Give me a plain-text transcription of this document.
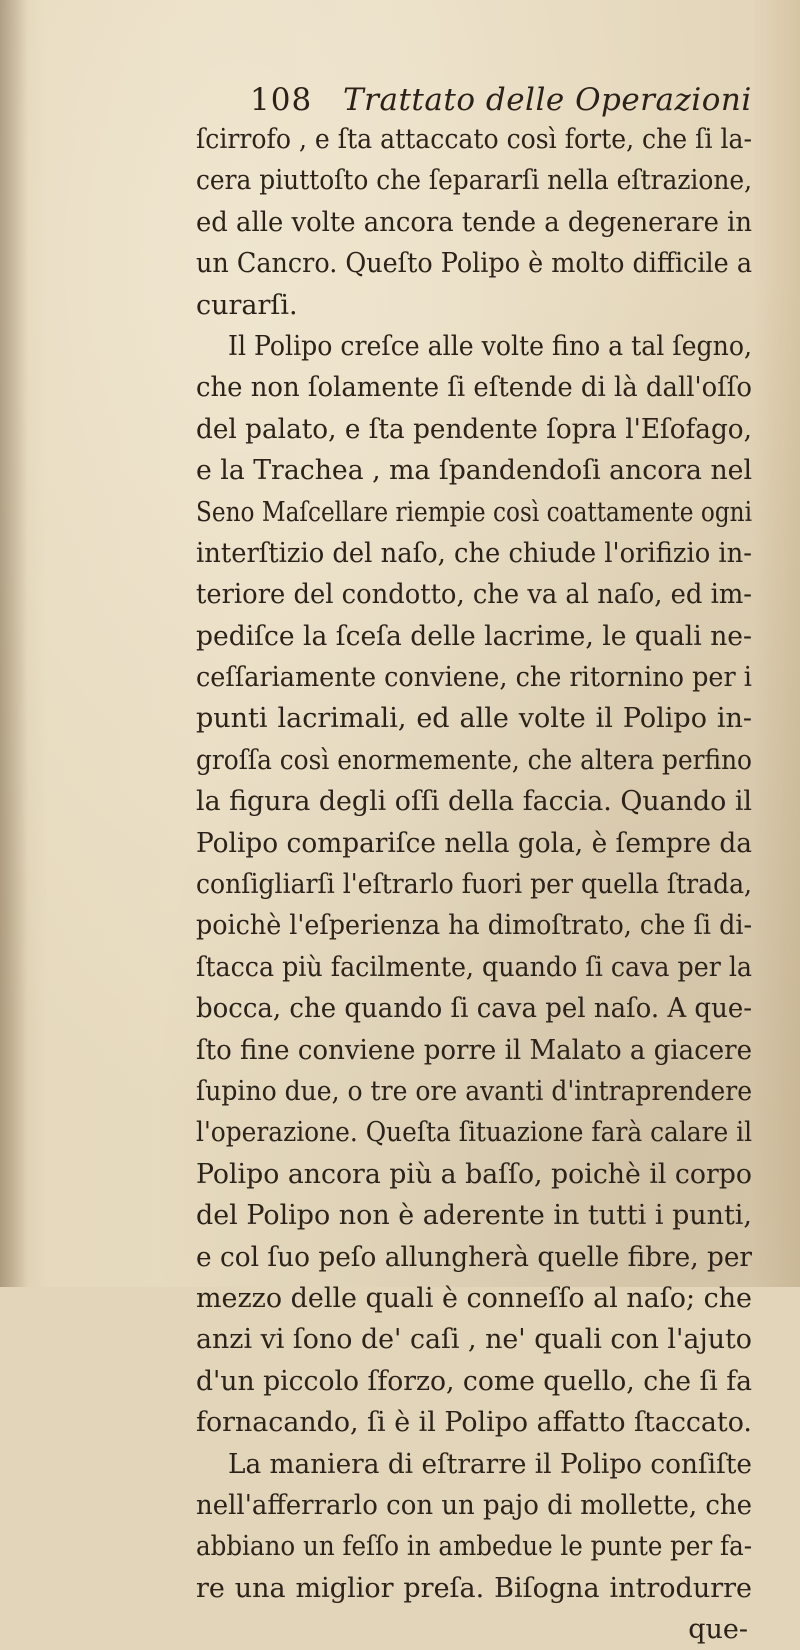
108 Trattato delle Operazioni
ſcirrofo , e ſta attaccato così forte, che ſi la-
cera piuttoſto che ſepararſi nella eſtrazione,
ed alle volte ancora tende a degenerare in
un Cancro. Queſto Polipo è molto difficile a
curarſi.
Il Polipo creſce alle volte fino a tal ſegno,
che non ſolamente ſi eſtende di là dall'oſſo
del palato, e ſta pendente ſopra l'Eſofago,
e la Trachea , ma ſpandendoſi ancora nel
Seno Maſcellare riempie così coattamente ogni
interſtizio del naſo, che chiude l'orifizio in-
teriore del condotto, che va al naſo, ed im-
pediſce la ſceſa delle lacrime, le quali ne-
ceſſariamente conviene, che ritornino per i
punti lacrimali, ed alle volte il Polipo in-
groſſa così enormemente, che altera perfino
la figura degli oſſi della faccia. Quando il
Polipo compariſce nella gola, è ſempre da
conſigliarſi l'eſtrarlo fuori per quella ſtrada,
poichè l'eſperienza ha dimoſtrato, che ſi di-
ſtacca più facilmente, quando ſi cava per la
bocca, che quando ſi cava pel naſo. A que-
ſto fine conviene porre il Malato a giacere
ſupino due, o tre ore avanti d'intraprendere
l'operazione. Queſta ſituazione farà calare il
Polipo ancora più a baſſo, poichè il corpo
del Polipo non è aderente in tutti i punti,
e col ſuo peſo allungherà quelle fibre, per
mezzo delle quali è conneſſo al naſo; che
anzi vi ſono de' caſi , ne' quali con l'ajuto
d'un piccolo ſforzo, come quello, che ſi fa
fornacando, ſi è il Polipo affatto ſtaccato.
La maniera di eſtrarre il Polipo conſiſte
nell'afferrarlo con un pajo di mollette, che
abbiano un feſſo in ambedue le punte per fa-
re una miglior preſa. Biſogna introdurre
que-
